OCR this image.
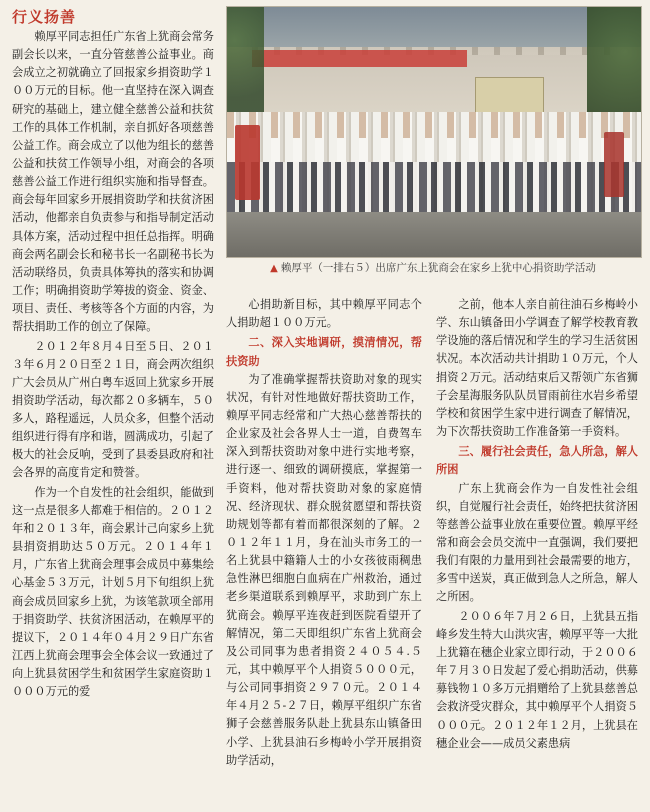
行义扬善
▲ 赖厚平（一排右５）出席广东上犹商会在家乡上犹中心捐资助学活动

赖厚平同志担任广东省上犹商会常务副会长以来，一直分管慈善公益事业。商会成立之初就确立了回报家乡捐资助学１００万元的目标。他一直坚持在深入调查研究的基础上，建立健全慈善公益和扶贫工作的具体工作机制，亲自抓好各项慈善公益工作。商会成立了以他为组长的慈善公益和扶贫工作领导小组，对商会的各项慈善公益工作进行组织实施和指导督查。商会每年回家乡开展捐资助学和扶贫济困活动，他都亲自负责参与和指导制定活动具体方案，活动过程中担任总指挥。明确商会两名副会长和秘书长一名副秘书长为活动联络员，负责具体筹执的落实和协调工作；明确捐资助学筹拔的资金、资金、项目、责任、考核等各个方面的内容，为帮扶捐助工作的创立了保障。

２０１２年８月４日至５日、２０１３年６月２０日至２１日，商会两次组织广大会员从广州白粤车返回上犹家乡开展捐资助学活动，每次都２０多辆车，５０多人，路程遥远，人员众多，但整个活动组织进行得有序和谐，圆满成功，引起了极大的社会反响，受到了县委县政府和社会各界的高度肯定和赞誉。

作为一个自发性的社会组织，能做到这一点是很多人都难于相信的。２０１２年和２０１３年，商会累计己向家乡上犹县捐资捐助达５０万元。２０１４年１月，广东省上犹商会理事会成员中募集绘心基金５３万元，计划５月下旬组织上犹商会成员回家乡上犹，为该笔款项全部用于捐资助学、扶贫济困活动，在赖厚平的提议下，２０１４年０４月２９日广东省江西上犹商会理事会全体会议一致通过了向上犹县贫困学生和贫困学生家庭资助１０００万元的爱

心捐助新目标，其中赖厚平同志个人捐助超１００万元。

二、深入实地调研，摸清情况，帮扶资助

为了准确掌握帮扶资助对象的现实状况，有针对性地做好帮扶资助工作，赖厚平同志经常和广大热心慈善帮扶的企业家及社会各界人士一道，自费驾车深入到帮扶资助对象中进行实地考察，进行逐一、细致的调研摸底，掌握第一手资料，他对帮扶资助对象的家庭情况、经济现状、群众脱贫愿望和帮扶资助规划等都有着而都很深刻的了解。２０１２年１１月，身在汕头市务工的一名上犹县中籍籍人士的小女孩彼雨稠患急性淋巴细胞白血病在广州救治，通过老乡渠道联系到赖厚平，求助到广东上犹商会。赖厚平连夜赶到医院看望开了解情况，第二天即组织广东省上犹商会及公司同事为患者捐资２４０５４.５元，其中赖厚平个人捐资５０００元，与公司同事捐资２９７０元。２０１４年４月２５-２７日，赖厚平组织广东省狮子会慈善服务队赴上犹县东山镇备田小学、上犹县油石乡梅岭小学开展捐资助学活动，

之前，他本人亲自前往油石乡梅岭小学、东山镇备田小学调查了解学校教育教学设施的落后情况和学生的学习生活贫困状况。本次活动共计捐助１０万元，个人捐资２万元。活动结束后又帮领广东省狮子会星海服务队队员冒雨前往水岩乡希望学校和贫困学生家中进行调查了解情况，为下次帮扶资助工作准备第一手资料。

三、履行社会责任，急人所急，解人所困

广东上犹商会作为一自发性社会组织，自觉履行社会责任，始终把扶贫济困等慈善公益事业放在重要位置。赖厚平经常和商会会员交流中一直强调，我们要把我们有限的力量用到社会最需要的地方，多雪中送炭，真正做到急人之所急，解人之所困。

２００６年７月２６日，上犹县五指峰乡发生特大山洪灾害，赖厚平等一大批上犹籍在穗企业家立即行动，于２００６年７月３０日发起了爱心捐助活动，供募募钱物１０多万元捐赠给了上犹县慈善总会救济受灾群众，其中赖厚平个人捐资５０００元。２０１２年１２月，上犹县在穗企业会——成员父素患病
